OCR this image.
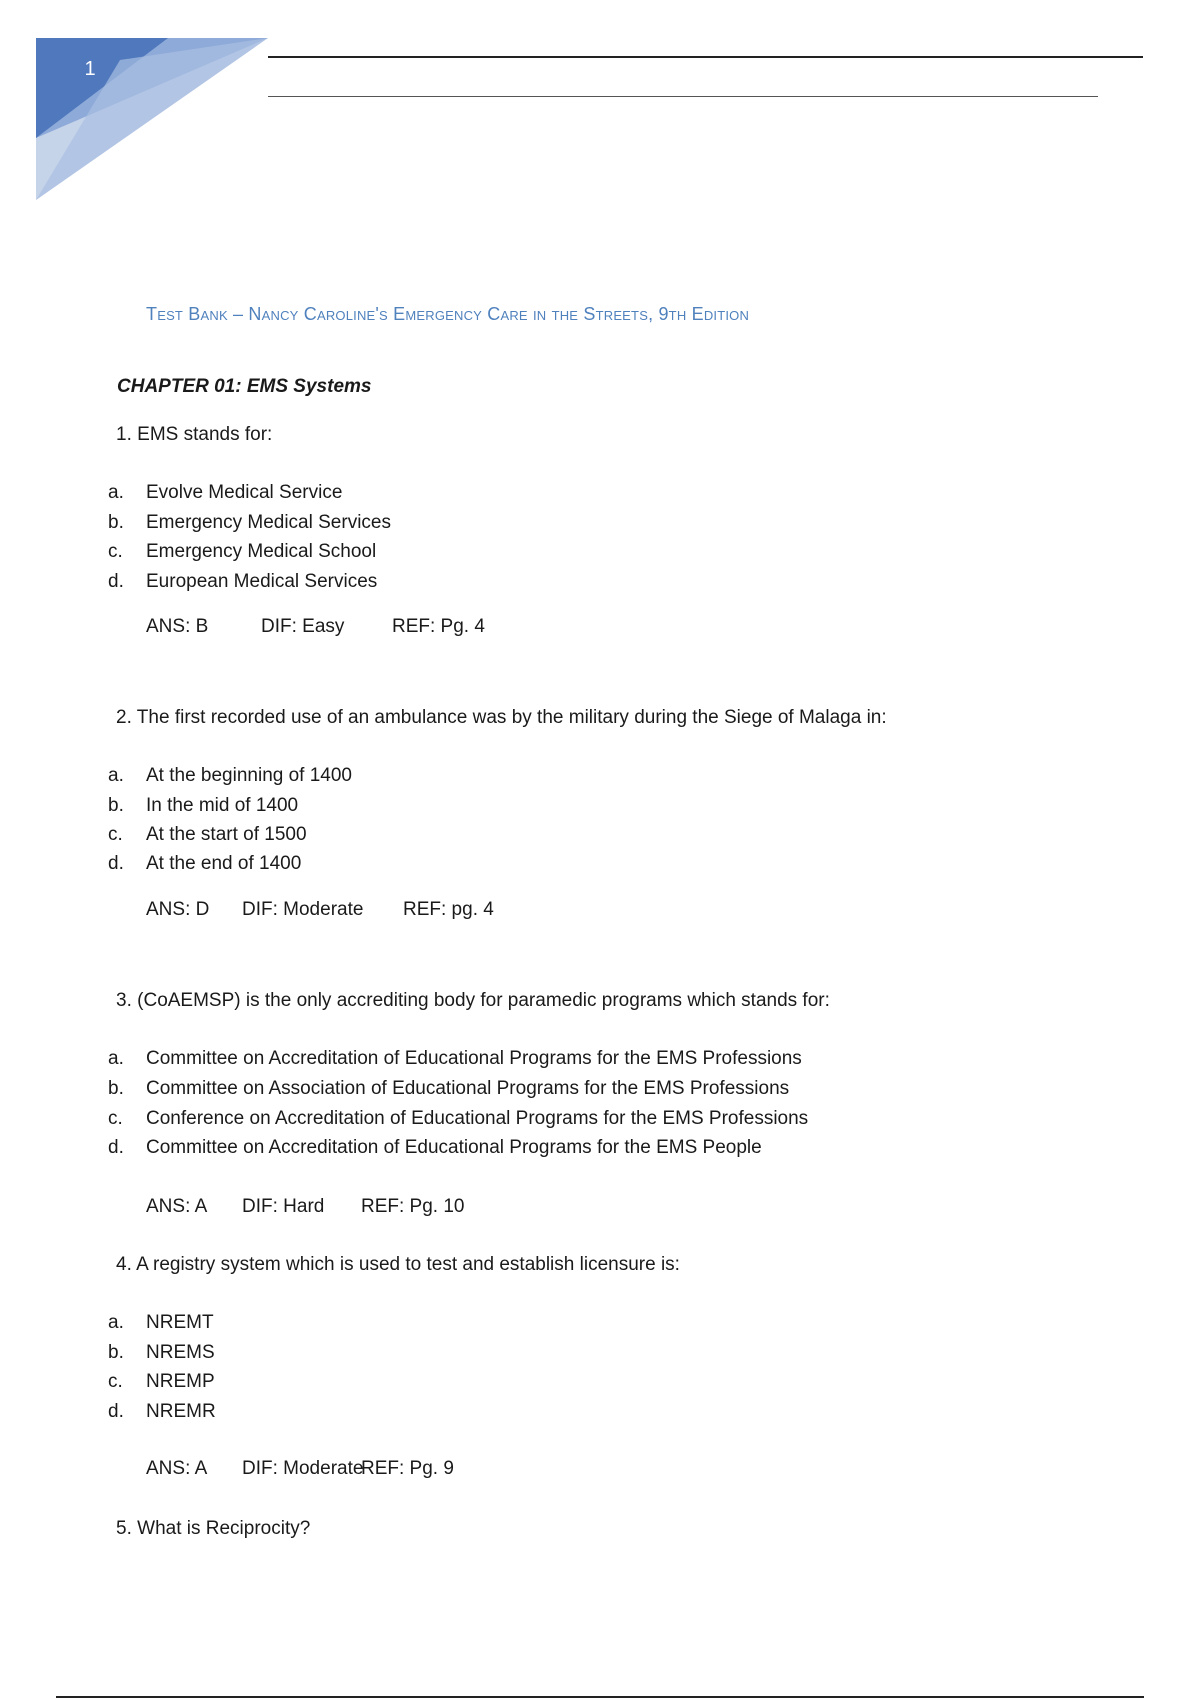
1
Test Bank – Nancy Caroline's Emergency Care in the Streets, 9th Edition
CHAPTER 01: EMS Systems
1. EMS stands for:
a.	Evolve Medical Service
b.	Emergency Medical Services
c.	Emergency Medical School
d.	European Medical Services
ANS: B	DIF: Easy	REF: Pg. 4
2. The first recorded use of an ambulance was by the military during the Siege of Malaga in:
a.	At the beginning of 1400
b.	In the mid of 1400
c.	At the start of 1500
d.	At the end of 1400
ANS: D DIF: Moderate REF: pg. 4
3. (CoAEMSP) is the only accrediting body for paramedic programs which stands for:
a.	Committee on Accreditation of Educational Programs for the EMS Professions
b.	Committee on Association of Educational Programs for the EMS Professions
c.	Conference on Accreditation of Educational Programs for the EMS Professions
d.	Committee on Accreditation of Educational Programs for the EMS People
ANS: A DIF: Hard REF: Pg. 10
4. A registry system which is used to test and establish licensure is:
a.	NREMT
b.	NREMS
c.	NREMP
d.	NREMR
ANS: A DIF: Moderate
REF: Pg. 9
5. What is Reciprocity?
